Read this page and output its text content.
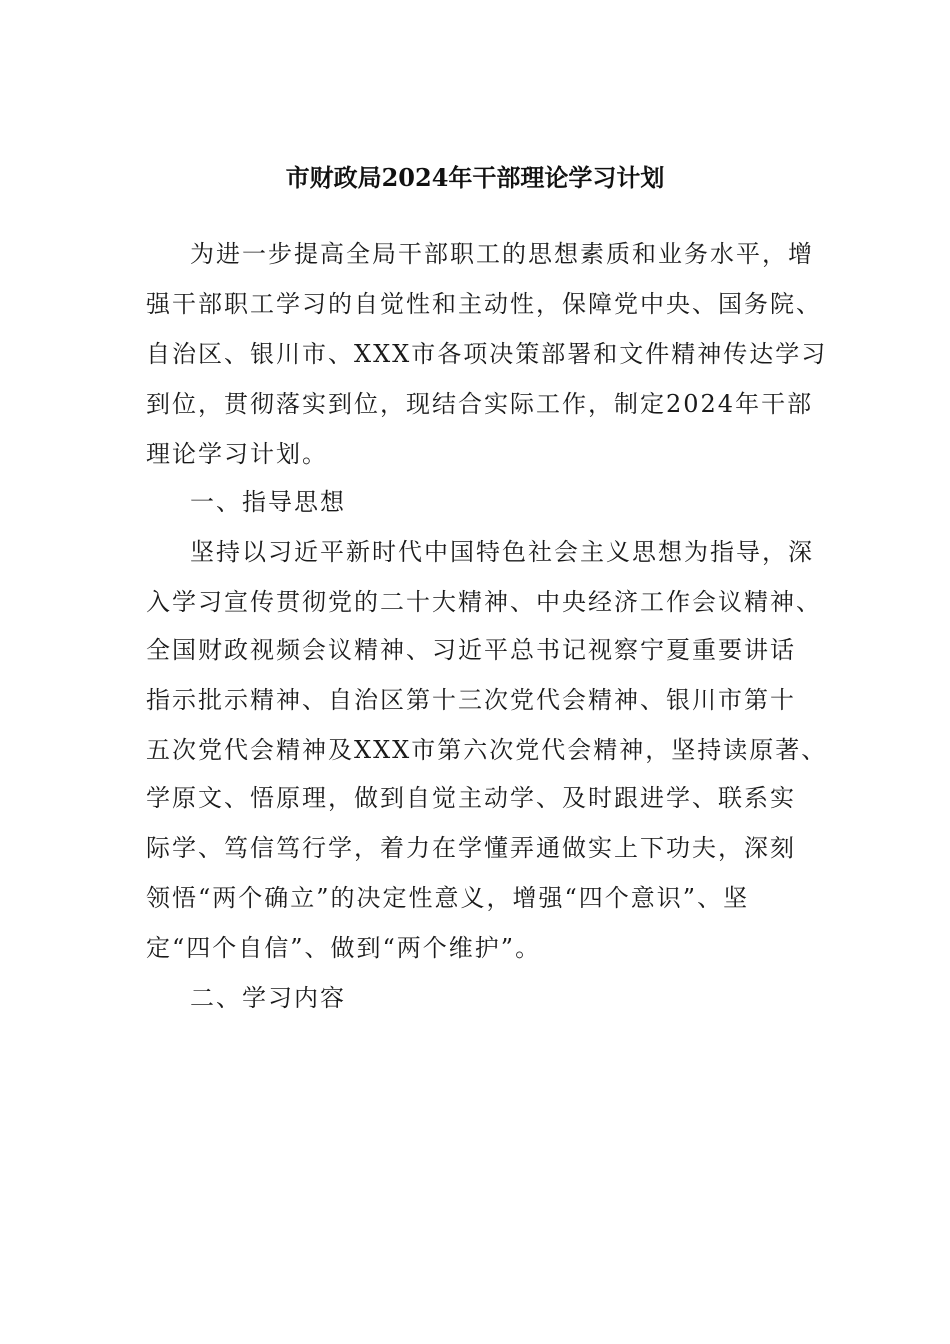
市财政局2024年干部理论学习计划
为进一步提高全局干部职工的思想素质和业务水平，增
强干部职工学习的自觉性和主动性，保障党中央、国务院、
自治区、银川市、XXX市各项决策部署和文件精神传达学习
到位，贯彻落实到位，现结合实际工作，制定2024年干部
理论学习计划。
一、指导思想
坚持以习近平新时代中国特色社会主义思想为指导，深
入学习宣传贯彻党的二十大精神、中央经济工作会议精神、
全国财政视频会议精神、习近平总书记视察宁夏重要讲话
指示批示精神、自治区第十三次党代会精神、银川市第十
五次党代会精神及XXX市第六次党代会精神，坚持读原著、
学原文、悟原理，做到自觉主动学、及时跟进学、联系实
际学、笃信笃行学，着力在学懂弄通做实上下功夫，深刻
领悟“两个确立”的决定性意义，增强“四个意识”、坚
定“四个自信”、做到“两个维护”。
二、学习内容
